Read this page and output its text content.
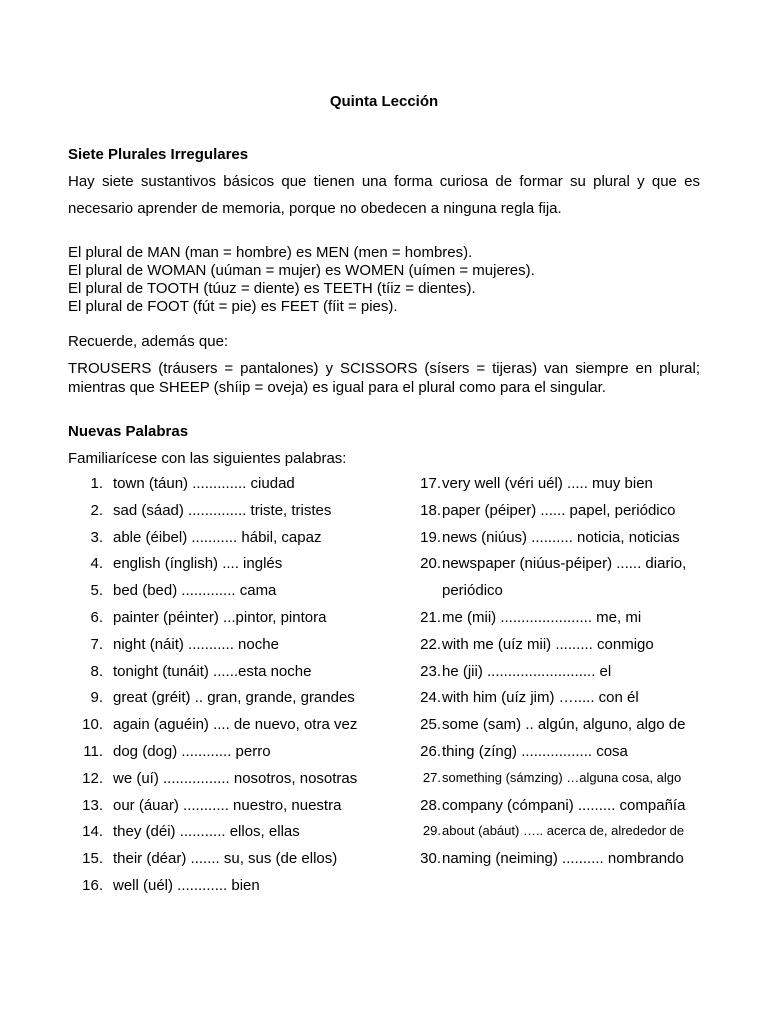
Quinta Lección
Siete Plurales Irregulares
Hay siete sustantivos básicos que tienen una forma curiosa de formar su plural y que es
necesario aprender de memoria, porque no obedecen a ninguna regla fija.
El plural de MAN (man = hombre) es MEN (men = hombres).
El plural de WOMAN (uúman = mujer) es WOMEN (uímen = mujeres).
El plural de TOOTH (túuz = diente) es TEETH (tíiz = dientes).
El plural de FOOT (fút = pie) es FEET (fíit = pies).
Recuerde, además que:
TROUSERS (tráusers = pantalones) y SCISSORS (sísers = tijeras) van siempre en plural;
mientras que SHEEP (shíip = oveja) es igual para el plural como para el singular.
Nuevas Palabras
Familiarícese con las siguientes palabras:
1. town (táun) ............. ciudad
2. sad (sáad) .............. triste, tristes
3. able (éibel) ........... hábil, capaz
4. english (ínglish) .... inglés
5. bed (bed) ............. cama
6. painter (péinter) ...pintor, pintora
7. night (náit) ........... noche
8. tonight (tunáit) ......esta noche
9. great (gréit) .. gran, grande, grandes
10. again (aguéin) .... de nuevo, otra vez
11. dog (dog) ............ perro
12. we (uí) ................ nosotros, nosotras
13. our (áuar) ........... nuestro, nuestra
14. they (déi) ........... ellos, ellas
15. their (déar) ....... su, sus (de ellos)
16. well (uél) ............ bien
17. very well (véri uél) ..... muy bien
18. paper (péiper) ...... papel, periódico
19. news (niúus) .......... noticia, noticias
20. newspaper (niúus-péiper) ...... diario,
periódico
21. me (mii) ...................... me, mi
22. with me (uíz mii) ......... conmigo
23. he (jii) .......................... el
24. with him (uíz jim) …..... con él
25. some (sam) .. algún, alguno, algo de
26. thing (zíng) ................. cosa
27. something (sámzing) …alguna cosa, algo
28. company (cómpani) ......... compañía
29. about (abáut) ….. acerca de, alrededor de
30. naming (neiming) .......... nombrando
